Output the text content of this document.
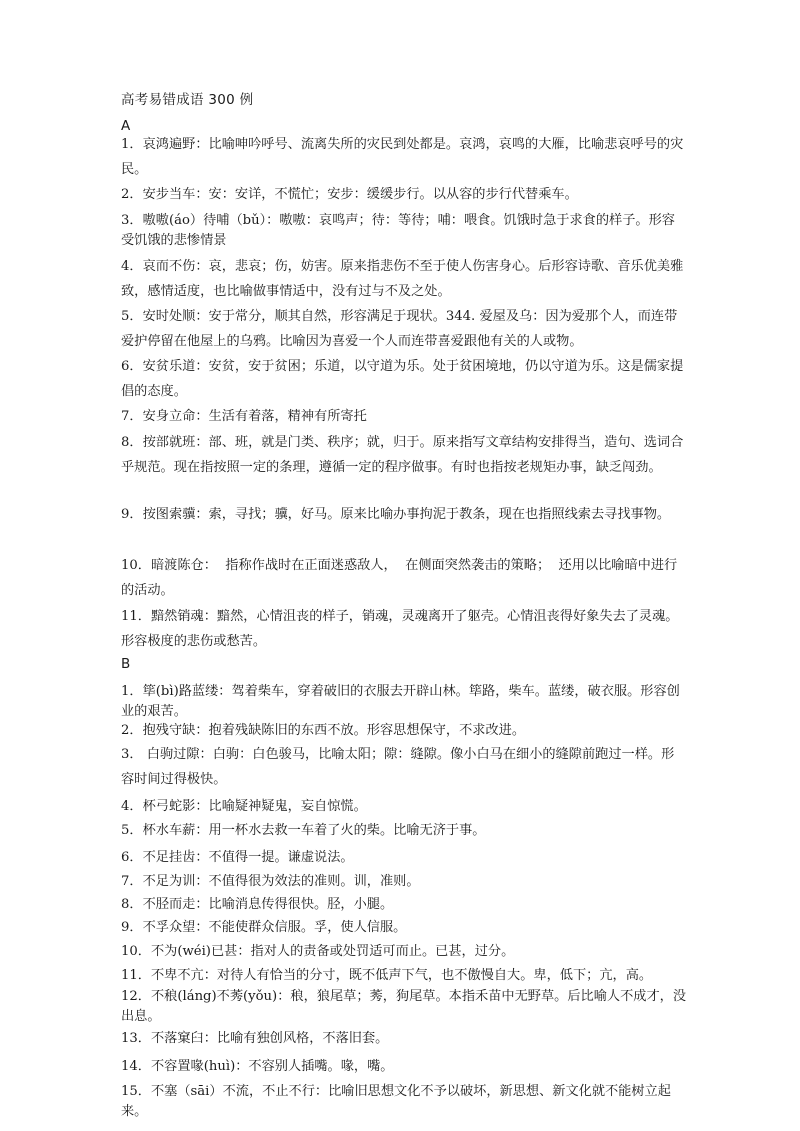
高考易错成语 300 例
A
1．哀鸿遍野：比喻呻吟呼号、流离失所的灾民到处都是。哀鸿，哀鸣的大雁，比喻悲哀呼号的灾民。
2．安步当车：安：安详，不慌忙；安步：缓缓步行。以从容的步行代替乘车。
3．嗷嗷(áo）待哺（bǔ）：嗷嗷：哀鸣声；待：等待；哺：喂食。饥饿时急于求食的样子。形容受饥饿的悲惨情景
4．哀而不伤：哀，悲哀；伤，妨害。原来指悲伤不至于使人伤害身心。后形容诗歌、音乐优美雅致，感情适度，也比喻做事情适中，没有过与不及之处。
5．安时处顺：安于常分，顺其自然，形容满足于现状。344. 爱屋及乌：因为爱那个人，而连带爱护停留在他屋上的乌鸦。比喻因为喜爱一个人而连带喜爱跟他有关的人或物。
6．安贫乐道：安贫，安于贫困；乐道，以守道为乐。处于贫困境地，仍以守道为乐。这是儒家提倡的态度。
7．安身立命：生活有着落，精神有所寄托
8．按部就班：部、班，就是门类、秩序；就，归于。原来指写文章结构安排得当，造句、选词合乎规范。现在指按照一定的条理，遵循一定的程序做事。有时也指按老规矩办事，缺乏闯劲。
9．按图索骥：索，寻找；骥，好马。原来比喻办事拘泥于教条，现在也指照线索去寻找事物。
10．暗渡陈仓：  指称作战时在正面迷惑敌人，  在侧面突然袭击的策略；  还用以比喻暗中进行的活动。
11．黯然销魂：黯然，心情沮丧的样子，销魂，灵魂离开了躯壳。心情沮丧得好象失去了灵魂。形容极度的悲伤或愁苦。
B
1．筚(bì)路蓝缕：驾着柴车，穿着破旧的衣服去开辟山林。筚路，柴车。蓝缕，破衣服。形容创业的艰苦。
2．抱残守缺：抱着残缺陈旧的东西不放。形容思想保守，不求改进。
3． 白驹过隙：白驹：白色骏马，比喻太阳；隙：缝隙。像小白马在细小的缝隙前跑过一样。形容时间过得极快。
4．杯弓蛇影：比喻疑神疑鬼，妄自惊慌。
5．杯水车薪：用一杯水去救一车着了火的柴。比喻无济于事。
6．不足挂齿：不值得一提。谦虚说法。
7．不足为训：不值得很为效法的准则。训，准则。
8．不胫而走：比喻消息传得很快。胫，小腿。
9．不孚众望：不能使群众信服。孚，使人信服。
10．不为(wéi)已甚：指对人的责备或处罚适可而止。已甚，过分。
11．不卑不亢：对待人有恰当的分寸，既不低声下气，也不傲慢自大。卑，低下；亢，高。
12．不稂(láng)不莠(yǒu)：稂，狼尾草；莠，狗尾草。本指禾苗中无野草。后比喻人不成才，没出息。
13．不落窠臼：比喻有独创风格，不落旧套。
14．不容置喙(huì)：不容别人插嘴。喙，嘴。
15．不塞（sāi）不流，不止不行：比喻旧思想文化不予以破坏，新思想、新文化就不能树立起来。
